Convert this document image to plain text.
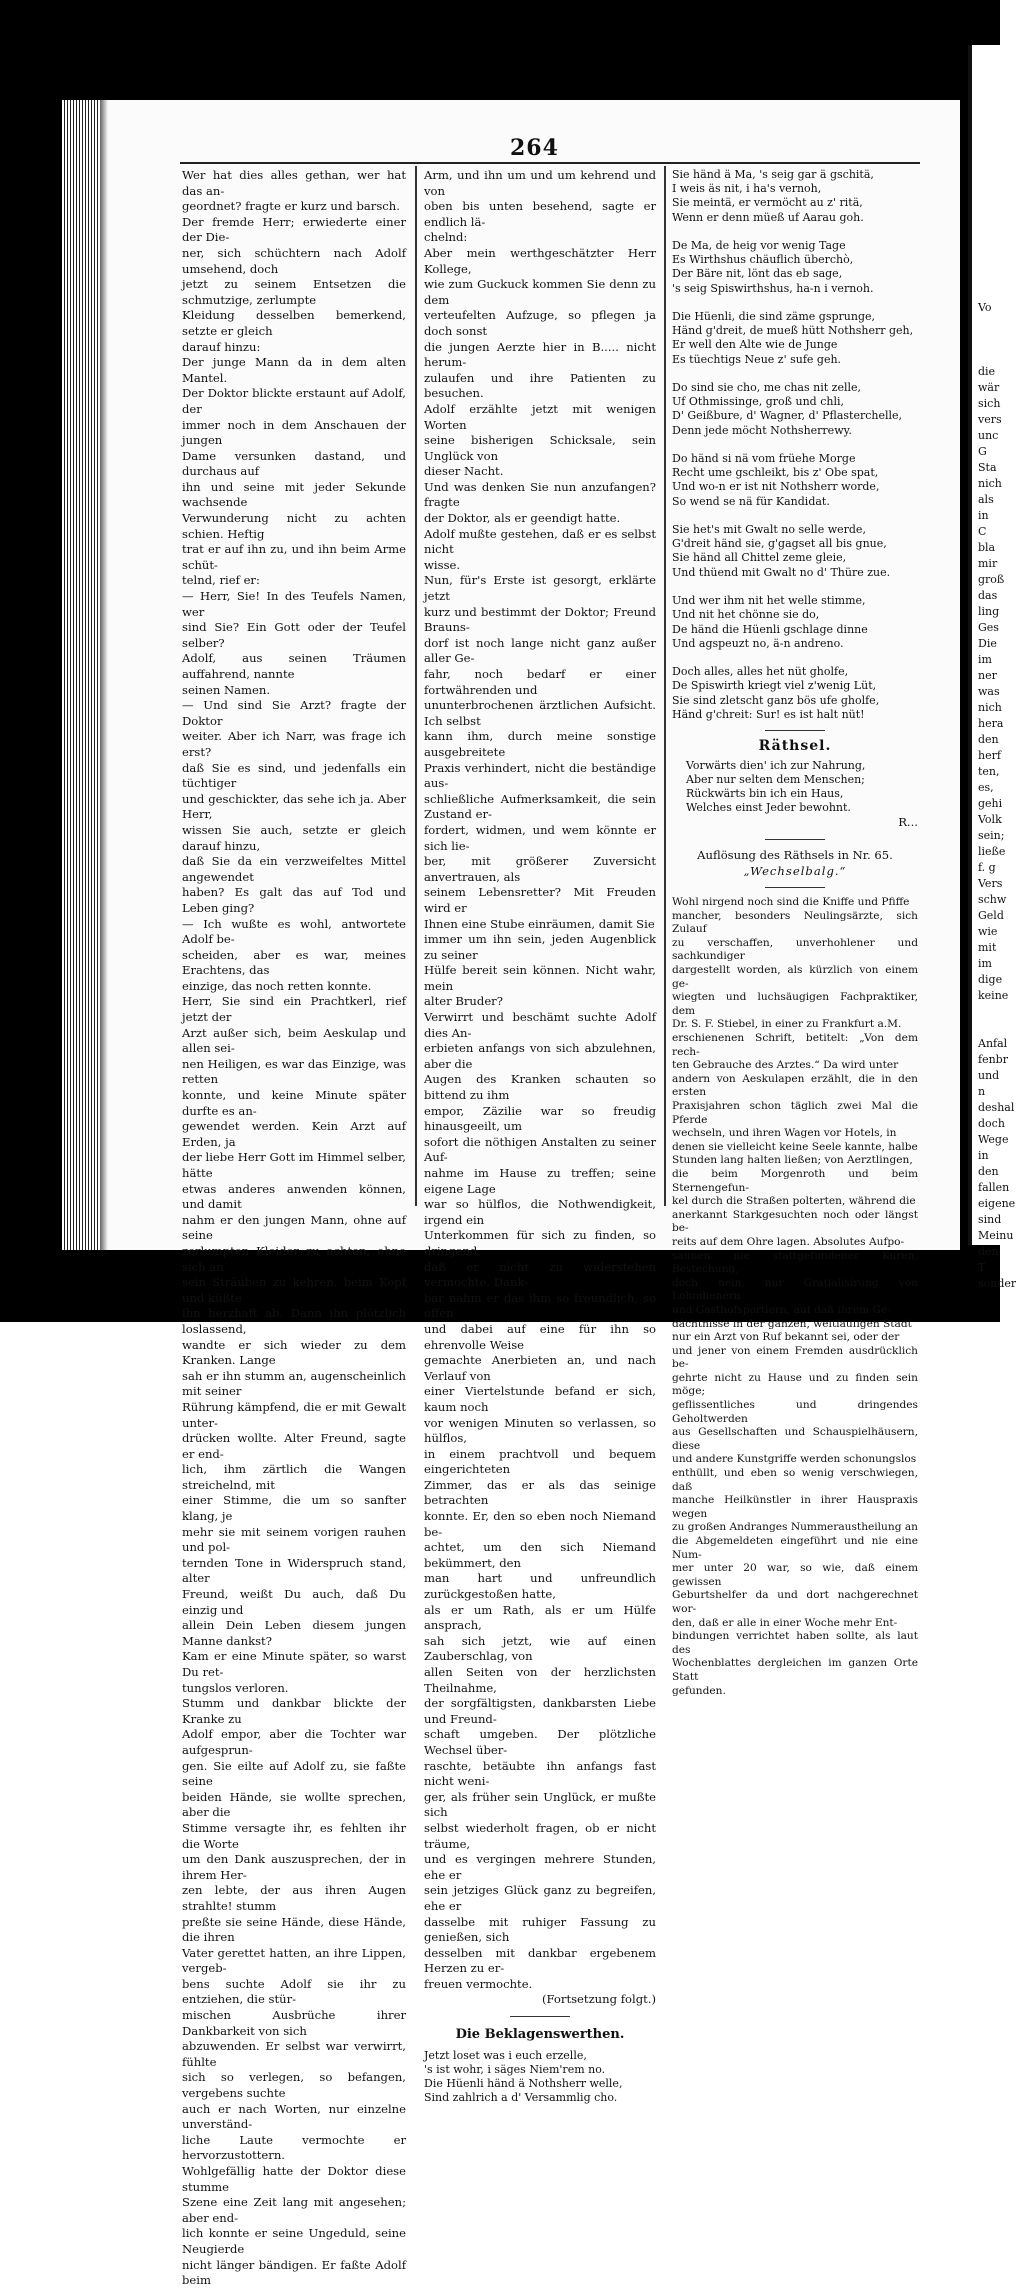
Vo

die
wär
sich
vers
unc
G
Sta
nich
als
in C
bla
mir
groß
das
ling
Ges
Die
im
ner
was
nich
hera
den
herf
ten,
es,
gehi
Volk
sein;
ließe
f. g
Vers
schw
Geld
wie
mit
im
dige
keine

Anfal
fenbr
und n
deshal
doch
Wege
in den
fallen
eigene
sind
Meinu
den T
sonder
264

Wer hat dies alles gethan, wer hat das an-
geordnet? fragte er kurz und barsch.

Der fremde Herr; erwiederte einer der Die-
ner, sich schüchtern nach Adolf umsehend, doch
jetzt zu seinem Entsetzen die schmutzige, zerlumpte
Kleidung desselben bemerkend, setzte er gleich
darauf hinzu:

Der junge Mann da in dem alten Mantel.

Der Doktor blickte erstaunt auf Adolf, der
immer noch in dem Anschauen der jungen
Dame versunken dastand, und durchaus auf
ihn und seine mit jeder Sekunde wachsende
Verwunderung nicht zu achten schien. Heftig
trat er auf ihn zu, und ihn beim Arme schüt-
telnd, rief er:

— Herr, Sie! In des Teufels Namen, wer
sind Sie? Ein Gott oder der Teufel selber?

Adolf, aus seinen Träumen auffahrend, nannte
seinen Namen.

— Und sind Sie Arzt? fragte der Doktor
weiter. Aber ich Narr, was frage ich erst?
daß Sie es sind, und jedenfalls ein tüchtiger
und geschickter, das sehe ich ja. Aber Herr,
wissen Sie auch, setzte er gleich darauf hinzu,
daß Sie da ein verzweifeltes Mittel angewendet
haben? Es galt das auf Tod und Leben ging?

— Ich wußte es wohl, antwortete Adolf be-
scheiden, aber es war, meines Erachtens, das
einzige, das noch retten konnte.

Herr, Sie sind ein Prachtkerl, rief jetzt der
Arzt außer sich, beim Aeskulap und allen sei-
nen Heiligen, es war das Einzige, was retten
konnte, und keine Minute später durfte es an-
gewendet werden. Kein Arzt auf Erden, ja
der liebe Herr Gott im Himmel selber, hätte
etwas anderes anwenden können, und damit
nahm er den jungen Mann, ohne auf seine
zerlumpten Kleider zu achten, ohne sich an
sein Sträuben zu kehren, beim Kopf und küßte
ihn herzhaft ab. Dann ihn plötzlich loslassend,
wandte er sich wieder zu dem Kranken. Lange
sah er ihn stumm an, augenscheinlich mit seiner
Rührung kämpfend, die er mit Gewalt unter-
drücken wollte. Alter Freund, sagte er end-
lich, ihm zärtlich die Wangen streichelnd, mit
einer Stimme, die um so sanfter klang, je
mehr sie mit seinem vorigen rauhen und pol-
ternden Tone in Widerspruch stand, alter
Freund, weißt Du auch, daß Du einzig und
allein Dein Leben diesem jungen Manne dankst?
Kam er eine Minute später, so warst Du ret-
tungslos verloren.

Stumm und dankbar blickte der Kranke zu
Adolf empor, aber die Tochter war aufgesprun-
gen. Sie eilte auf Adolf zu, sie faßte seine
beiden Hände, sie wollte sprechen, aber die
Stimme versagte ihr, es fehlten ihr die Worte
um den Dank auszusprechen, der in ihrem Her-
zen lebte, der aus ihren Augen strahlte! stumm
preßte sie seine Hände, diese Hände, die ihren
Vater gerettet hatten, an ihre Lippen, vergeb-
bens suchte Adolf sie ihr zu entziehen, die stür-
mischen Ausbrüche ihrer Dankbarkeit von sich
abzuwenden. Er selbst war verwirrt, fühlte
sich so verlegen, so befangen, vergebens suchte
auch er nach Worten, nur einzelne unverständ-
liche Laute vermochte er hervorzustottern.

Wohlgefällig hatte der Doktor diese stumme
Szene eine Zeit lang mit angesehen; aber end-
lich konnte er seine Ungeduld, seine Neugierde
nicht länger bändigen. Er faßte Adolf beim

Arm, und ihn um und um kehrend und von
oben bis unten besehend, sagte er endlich lä-
chelnd:

Aber mein werthgeschätzter Herr Kollege,
wie zum Guckuck kommen Sie denn zu dem
verteufelten Aufzuge, so pflegen ja doch sonst
die jungen Aerzte hier in B..... nicht herum-
zulaufen und ihre Patienten zu besuchen.

Adolf erzählte jetzt mit wenigen Worten
seine bisherigen Schicksale, sein Unglück von
dieser Nacht.

Und was denken Sie nun anzufangen? fragte
der Doktor, als er geendigt hatte.

Adolf mußte gestehen, daß er es selbst nicht
wisse.

Nun, für's Erste ist gesorgt, erklärte jetzt
kurz und bestimmt der Doktor; Freund Brauns-
dorf ist noch lange nicht ganz außer aller Ge-
fahr, noch bedarf er einer fortwährenden und
ununterbrochenen ärztlichen Aufsicht. Ich selbst
kann ihm, durch meine sonstige ausgebreitete
Praxis verhindert, nicht die beständige aus-
schließliche Aufmerksamkeit, die sein Zustand er-
fordert, widmen, und wem könnte er sich lie-
ber, mit größerer Zuversicht anvertrauen, als
seinem Lebensretter? Mit Freuden wird er
Ihnen eine Stube einräumen, damit Sie
immer um ihn sein, jeden Augenblick zu seiner
Hülfe bereit sein können. Nicht wahr, mein
alter Bruder?

Verwirrt und beschämt suchte Adolf dies An-
erbieten anfangs von sich abzulehnen, aber die
Augen des Kranken schauten so bittend zu ihm
empor, Zäzilie war so freudig hinausgeeilt, um
sofort die nöthigen Anstalten zu seiner Auf-
nahme im Hause zu treffen; seine eigene Lage
war so hülflos, die Nothwendigkeit, irgend ein
Unterkommen für sich zu finden, so dringend,
daß er nicht zu widerstehen vermochte. Dank-
bar nahm er das ihm so freundlich, so offen
und dabei auf eine für ihn so ehrenvolle Weise
gemachte Anerbieten an, und nach Verlauf von
einer Viertelstunde befand er sich, kaum noch
vor wenigen Minuten so verlassen, so hülflos,
in einem prachtvoll und bequem eingerichteten
Zimmer, das er als das seinige betrachten
konnte. Er, den so eben noch Niemand be-
achtet, um den sich Niemand bekümmert, den
man hart und unfreundlich zurückgestoßen hatte,
als er um Rath, als er um Hülfe ansprach,
sah sich jetzt, wie auf einen Zauberschlag, von
allen Seiten von der herzlichsten Theilnahme,
der sorgfältigsten, dankbarsten Liebe und Freund-
schaft umgeben. Der plötzliche Wechsel über-
raschte, betäubte ihn anfangs fast nicht weni-
ger, als früher sein Unglück, er mußte sich
selbst wiederholt fragen, ob er nicht träume,
und es vergingen mehrere Stunden, ehe er
sein jetziges Glück ganz zu begreifen, ehe er
dasselbe mit ruhiger Fassung zu genießen, sich
desselben mit dankbar ergebenem Herzen zu er-
freuen vermochte.

(Fortsetzung folgt.)

Die Beklagenswerthen.
Jetzt loset was i euch erzelle,
's ist wohr, i säges Niem'rem no.
Die Hüenli händ ä Nothsherr welle,
Sind zahlrich a d' Versammlig cho.
Sie händ ä Ma, 's seig gar ä gschitä,
I weis äs nit, i ha's vernoh,
Sie meintä, er vermöcht au z' ritä,
Wenn er denn müeß uf Aarau goh.

De Ma, de heig vor wenig Tage
Es Wirthshus chäuflich überchò,
Der Bäre nit, lönt das eb sage,
's seig Spiswirthshus, ha-n i vernoh.

Die Hüenli, die sind zäme gsprunge,
Händ g'dreit, de mueß hütt Nothsherr geh,
Er well den Alte wie de Junge
Es tüechtigs Neue z' sufe geh.

Do sind sie cho, me chas nit zelle,
Uf Othmissinge, groß und chli,
D' Geißbure, d' Wagner, d' Pflasterchelle,
Denn jede möcht Nothsherrewy.

Do händ si nä vom früehe Morge
Recht ume gschleikt, bis z' Obe spat,
Und wo-n er ist nit Nothsherr worde,
So wend se nä für Kandidat.

Sie het's mit Gwalt no selle werde,
G'dreit händ sie, g'gagset all bis gnue,
Sie händ all Chittel zeme gleie,
Und thüend mit Gwalt no d' Thüre zue.

Und wer ihm nit het welle stimme,
Und nit het chönne sie do,
De händ die Hüenli gschlage dinne
Und agspeuzt no, ä-n andreno.

Doch alles, alles het nüt gholfe,
De Spiswirth kriegt viel z'wenig Lüt,
Sie sind zletscht ganz bös ufe gholfe,
Händ g'chreit: Sur! es ist halt nüt!
Räthsel.
Vorwärts dien' ich zur Nahrung,
Aber nur selten dem Menschen;
Rückwärts bin ich ein Haus,
Welches einst Jeder bewohnt.
R...
Auflösung des Räthsels in Nr. 65.
„Wechselbalg.“

Wohl nirgend noch sind die Kniffe und Pfiffe
mancher, besonders Neulingsärzte, sich Zulauf
zu verschaffen, unverhohlener und sachkundiger
dargestellt worden, als kürzlich von einem ge-
wiegten und luchsäugigen Fachpraktiker, dem
Dr. S. F. Stiebel, in einer zu Frankfurt a.M.
erschienenen Schrift, betitelt: „Von dem rech-
ten Gebrauche des Arztes.“ Da wird unter
andern von Aeskulapen erzählt, die in den ersten
Praxisjahren schon täglich zwei Mal die Pferde
wechseln, und ihren Wagen vor Hotels, in
denen sie vielleicht keine Seele kannte, halbe
Stunden lang halten ließen; von Aerztlingen,
die beim Morgenroth und beim Sternengefun-
kel durch die Straßen polterten, während die
anerkannt Starkgesuchten noch oder längst be-
reits auf dem Ohre lagen. Absolutes Aufpo-
saunen nie stattgefundener Kuren, Bestechung,
doch nein, nur Gratialisirung von Lohndienern
und Gasthofsportiern, auf daß ihrem Ge-
dächtnisse in der ganzen, weitläufigen Stadt
nur ein Arzt von Ruf bekannt sei, oder der
und jener von einem Fremden ausdrücklich be-
gehrte nicht zu Hause und zu finden sein möge;
geflissentliches und dringendes Geholtwerden
aus Gesellschaften und Schauspielhäusern, diese
und andere Kunstgriffe werden schonungslos
enthüllt, und eben so wenig verschwiegen, daß
manche Heilkünstler in ihrer Hauspraxis wegen
zu großen Andranges Nummeraustheilung an
die Abgemeldeten eingeführt und nie eine Num-
mer unter 20 war, so wie, daß einem gewissen
Geburtshelfer da und dort nachgerechnet wor-
den, daß er alle in einer Woche mehr Ent-
bindungen verrichtet haben sollte, als laut des
Wochenblattes dergleichen im ganzen Orte Statt
gefunden.
